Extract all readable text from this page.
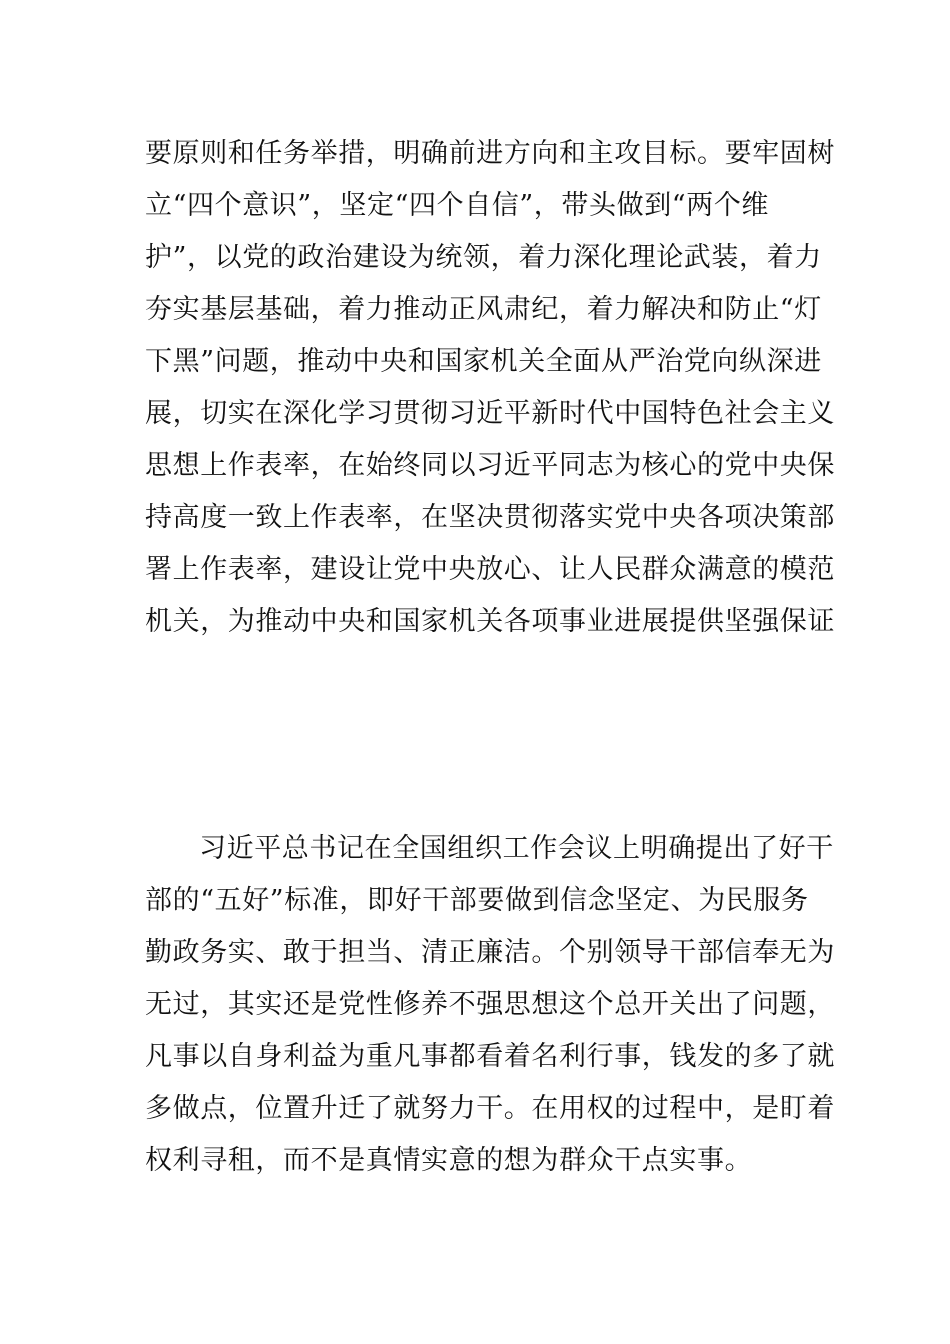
要原则和任务举措，明确前进方向和主攻目标。要牢固树
立“四个意识”，坚定“四个自信”，带头做到“两个维
护”，以党的政治建设为统领，着力深化理论武装，着力
夯实基层基础，着力推动正风肃纪，着力解决和防止“灯
下黑”问题，推动中央和国家机关全面从严治党向纵深进
展，切实在深化学习贯彻习近平新时代中国特色社会主义
思想上作表率，在始终同以习近平同志为核心的党中央保
持高度一致上作表率，在坚决贯彻落实党中央各项决策部
署上作表率，建设让党中央放心、让人民群众满意的模范
机关，为推动中央和国家机关各项事业进展提供坚强保证
习近平总书记在全国组织工作会议上明确提出了好干
部的“五好”标准，即好干部要做到信念坚定、为民服务
勤政务实、敢于担当、清正廉洁。个别领导干部信奉无为
无过，其实还是党性修养不强思想这个总开关出了问题，
凡事以自身利益为重凡事都看着名利行事，钱发的多了就
多做点，位置升迁了就努力干。在用权的过程中，是盯着
权利寻租，而不是真情实意的想为群众干点实事。
